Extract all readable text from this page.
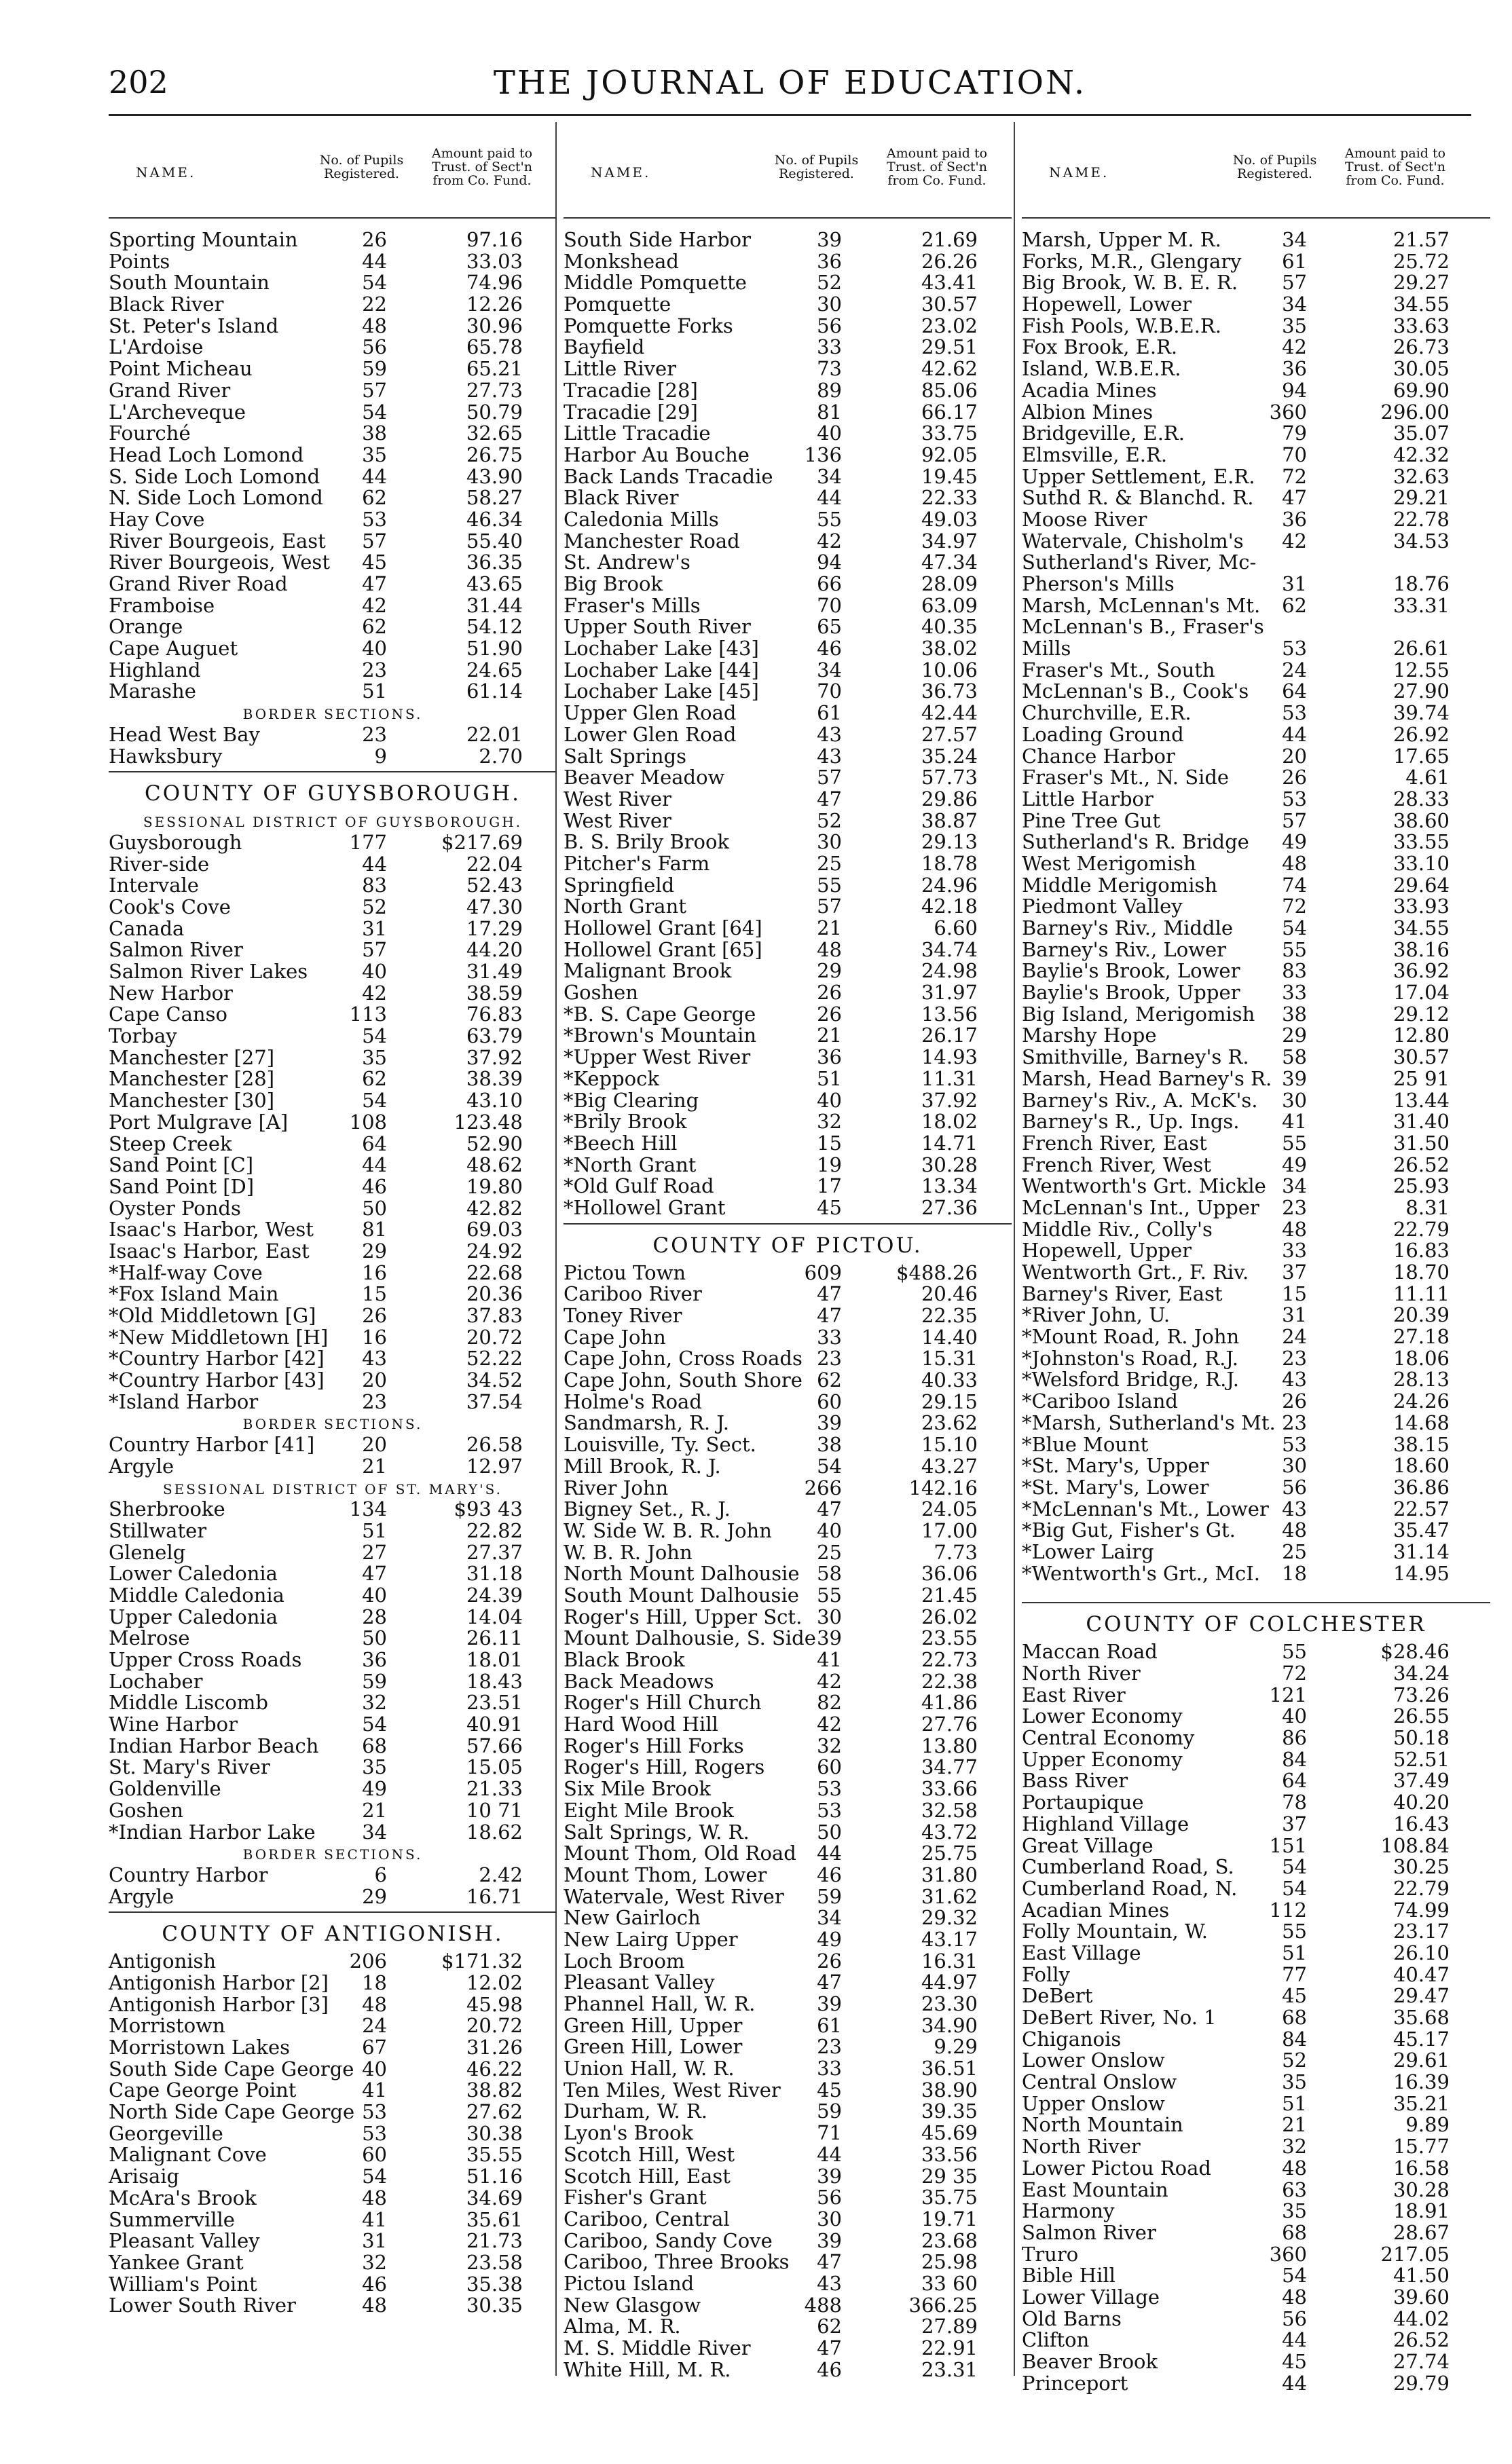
202	THE JOURNAL OF EDUCATION.
NAME.
No. of Pupils Registered.
Amount paid to Trust. of Sect'n from Co. Fund.
Sporting Mountain	26	97.16
Points	44	33.03
South Mountain	54	74.96
Black River	22	12.26
St. Peter's Island	48	30.96
L'Ardoise	56	65.78
Point Micheau	59	65.21
Grand River	57	27.73
L'Archeveque	54	50.79
Fourché	38	32.65
Head Loch Lomond	35	26.75
S. Side Loch Lomond	44	43.90
N. Side Loch Lomond	62	58.27
Hay Cove	53	46.34
River Bourgeois, East	57	55.40
River Bourgeois, West	45	36.35
Grand River Road	47	43.65
Framboise	42	31.44
Orange	62	54.12
Cape Auguet	40	51.90
Highland	23	24.65
Marashe	51	61.14
BORDER SECTIONS.
Head West Bay	23	22.01
Hawksbury	9	2.70
COUNTY OF GUYSBOROUGH.
SESSIONAL DISTRICT OF GUYSBOROUGH.
Guysborough	177	$217.69
River-side	44	22.04
Intervale	83	52.43
Cook's Cove	52	47.30
Canada	31	17.29
Salmon River	57	44.20
Salmon River Lakes	40	31.49
New Harbor	42	38.59
Cape Canso	113	76.83
Torbay	54	63.79
Manchester [27]	35	37.92
Manchester [28]	62	38.39
Manchester [30]	54	43.10
Port Mulgrave [A]	108	123.48
Steep Creek	64	52.90
Sand Point [C]	44	48.62
Sand Point [D]	46	19.80
Oyster Ponds	50	42.82
Isaac's Harbor, West	81	69.03
Isaac's Harbor, East	29	24.92
*Half-way Cove	16	22.68
*Fox Island Main	15	20.36
*Old Middletown [G]	26	37.83
*New Middletown [H]	16	20.72
*Country Harbor [42]	43	52.22
*Country Harbor [43]	20	34.52
*Island Harbor	23	37.54
BORDER SECTIONS.
Country Harbor [41]	20	26.58
Argyle	21	12.97
SESSIONAL DISTRICT OF ST. MARY'S.
Sherbrooke	134	$93 43
Stillwater	51	22.82
Glenelg	27	27.37
Lower Caledonia	47	31.18
Middle Caledonia	40	24.39
Upper Caledonia	28	14.04
Melrose	50	26.11
Upper Cross Roads	36	18.01
Lochaber	59	18.43
Middle Liscomb	32	23.51
Wine Harbor	54	40.91
Indian Harbor Beach	68	57.66
St. Mary's River	35	15.05
Goldenville	49	21.33
Goshen	21	10 71
*Indian Harbor Lake	34	18.62
BORDER SECTIONS.
Country Harbor	6	2.42
Argyle	29	16.71
COUNTY OF ANTIGONISH.
Antigonish	206	$171.32
Antigonish Harbor [2]	18	12.02
Antigonish Harbor [3]	48	45.98
Morristown	24	20.72
Morristown Lakes	67	31.26
South Side Cape George 40	46.22
Cape George Point	41	38.82
North Side Cape George 53	27.62
Georgeville	53	30.38
Malignant Cove	60	35.55
Arisaig	54	51.16
McAra's Brook	48	34.69
Summerville	41	35.61
Pleasant Valley	31	21.73
Yankee Grant	32	23.58
William's Point	46	35.38
Lower South River	48	30.35
NAME.
No. of Pupils Registered.
Amount paid to Trust. of Sect'n from Co. Fund.
South Side Harbor	39	21.69
Monkshead	36	26.26
Middle Pomquette	52	43.41
Pomquette	30	30.57
Pomquette Forks	56	23.02
Bayfield	33	29.51
Little River	73	42.62
Tracadie [28]	89	85.06
Tracadie [29]	81	66.17
Little Tracadie	40	33.75
Harbor Au Bouche	136	92.05
Back Lands Tracadie	34	19.45
Black River	44	22.33
Caledonia Mills	55	49.03
Manchester Road	42	34.97
St. Andrew's	94	47.34
Big Brook	66	28.09
Fraser's Mills	70	63.09
Upper South River	65	40.35
Lochaber Lake [43]	46	38.02
Lochaber Lake [44]	34	10.06
Lochaber Lake [45]	70	36.73
Upper Glen Road	61	42.44
Lower Glen Road	43	27.57
Salt Springs	43	35.24
Beaver Meadow	57	57.73
West River	47	29.86
West River	52	38.87
B. S. Brily Brook	30	29.13
Pitcher's Farm	25	18.78
Springfield	55	24.96
North Grant	57	42.18
Hollowel Grant [64]	21	6.60
Hollowel Grant [65]	48	34.74
Malignant Brook	29	24.98
Goshen	26	31.97
*B. S. Cape George	26	13.56
*Brown's Mountain	21	26.17
*Upper West River	36	14.93
*Keppock	51	11.31
*Big Clearing	40	37.92
*Brily Brook	32	18.02
*Beech Hill	15	14.71
*North Grant	19	30.28
*Old Gulf Road	17	13.34
*Hollowel Grant	45	27.36
COUNTY OF PICTOU.
Pictou Town	609	$488.26
Cariboo River	47	20.46
Toney River	47	22.35
Cape John	33	14.40
Cape John, Cross Roads 23	15.31
Cape John, South Shore 62	40.33
Holme's Road	60	29.15
Sandmarsh, R. J.	39	23.62
Louisville, Ty. Sect.	38	15.10
Mill Brook, R. J.	54	43.27
River John	266	142.16
Bigney Set., R. J.	47	24.05
W. Side W. B. R. John	40	17.00
W. B. R. John	25	7.73
North Mount Dalhousie 58	36.06
South Mount Dalhousie 55	21.45
Roger's Hill, Upper Sct. 30	26.02
Mount Dalhousie, S. Side 39	23.55
Black Brook	41	22.73
Back Meadows	42	22.38
Roger's Hill Church	82	41.86
Hard Wood Hill	42	27.76
Roger's Hill Forks	32	13.80
Roger's Hill, Rogers	60	34.77
Six Mile Brook	53	33.66
Eight Mile Brook	53	32.58
Salt Springs, W. R.	50	43.72
Mount Thom, Old Road	44	25.75
Mount Thom, Lower	46	31.80
Watervale, West River	59	31.62
New Gairloch	34	29.32
New Lairg Upper	49	43.17
Loch Broom	26	16.31
Pleasant Valley	47	44.97
Phannel Hall, W. R.	39	23.30
Green Hill, Upper	61	34.90
Green Hill, Lower	23	9.29
Union Hall, W. R.	33	36.51
Ten Miles, West River	45	38.90
Durham, W. R.	59	39.35
Lyon's Brook	71	45.69
Scotch Hill, West	44	33.56
Scotch Hill, East	39	29 35
Fisher's Grant	56	35.75
Cariboo, Central	30	19.71
Cariboo, Sandy Cove	39	23.68
Cariboo, Three Brooks	47	25.98
Pictou Island	43	33 60
New Glasgow	488	366.25
Alma, M. R.	62	27.89
M. S. Middle River	47	22.91
White Hill, M. R.	46	23.31
NAME.
No. of Pupils Registered.
Amount paid to Trust. of Sect'n from Co. Fund.
Marsh, Upper M. R.	34	21.57
Forks, M.R., Glengary	61	25.72
Big Brook, W. B. E. R.	57	29.27
Hopewell, Lower	34	34.55
Fish Pools, W.B.E.R.	35	33.63
Fox Brook, E.R.	42	26.73
Island, W.B.E.R.	36	30.05
Acadia Mines	94	69.90
Albion Mines	360	296.00
Bridgeville, E.R.	79	35.07
Elmsville, E.R.	70	42.32
Upper Settlement, E.R.	72	32.63
Suthd R. & Blanchd. R.	47	29.21
Moose River	36	22.78
Watervale, Chisholm's	42	34.53
Sutherland's River, Mc-
Pherson's Mills	31	18.76
Marsh, McLennan's Mt.	62	33.31
McLennan's B., Fraser's
Mills	53	26.61
Fraser's Mt., South	24	12.55
McLennan's B., Cook's	64	27.90
Churchville, E.R.	53	39.74
Loading Ground	44	26.92
Chance Harbor	20	17.65
Fraser's Mt., N. Side	26	4.61
Little Harbor	53	28.33
Pine Tree Gut	57	38.60
Sutherland's R. Bridge	49	33.55
West Merigomish	48	33.10
Middle Merigomish	74	29.64
Piedmont Valley	72	33.93
Barney's Riv., Middle	54	34.55
Barney's Riv., Lower	55	38.16
Baylie's Brook, Lower	83	36.92
Baylie's Brook, Upper	33	17.04
Big Island, Merigomish	38	29.12
Marshy Hope	29	12.80
Smithville, Barney's R.	58	30.57
Marsh, Head Barney's R. 39	25 91
Barney's Riv., A. McK's.	30	13.44
Barney's R., Up. Ings.	41	31.40
French River, East	55	31.50
French River, West	49	26.52
Wentworth's Grt. Mickle 34	25.93
McLennan's Int., Upper	23	8.31
Middle Riv., Colly's	48	22.79
Hopewell, Upper	33	16.83
Wentworth Grt., F. Riv.	37	18.70
Barney's River, East	15	11.11
*River John, U.	31	20.39
*Mount Road, R. John	24	27.18
*Johnston's Road, R.J.	23	18.06
*Welsford Bridge, R.J.	43	28.13
*Cariboo Island	26	24.26
*Marsh, Sutherland's Mt. 23	14.68
*Blue Mount	53	38.15
*St. Mary's, Upper	30	18.60
*St. Mary's, Lower	56	36.86
*McLennan's Mt., Lower 43	22.57
*Big Gut, Fisher's Gt.	48	35.47
*Lower Lairg	25	31.14
*Wentworth's Grt., McI.	18	14.95
COUNTY OF COLCHESTER
Maccan Road	55	$28.46
North River	72	34.24
East River	121	73.26
Lower Economy	40	26.55
Central Economy	86	50.18
Upper Economy	84	52.51
Bass River	64	37.49
Portaupique	78	40.20
Highland Village	37	16.43
Great Village	151	108.84
Cumberland Road, S.	54	30.25
Cumberland Road, N.	54	22.79
Acadian Mines	112	74.99
Folly Mountain, W.	55	23.17
East Village	51	26.10
Folly	77	40.47
DeBert	45	29.47
DeBert River, No. 1	68	35.68
Chiganois	84	45.17
Lower Onslow	52	29.61
Central Onslow	35	16.39
Upper Onslow	51	35.21
North Mountain	21	9.89
North River	32	15.77
Lower Pictou Road	48	16.58
East Mountain	63	30.28
Harmony	35	18.91
Salmon River	68	28.67
Truro	360	217.05
Bible Hill	54	41.50
Lower Village	48	39.60
Old Barns	56	44.02
Clifton	44	26.52
Beaver Brook	45	27.74
Princeport	44	29.79
